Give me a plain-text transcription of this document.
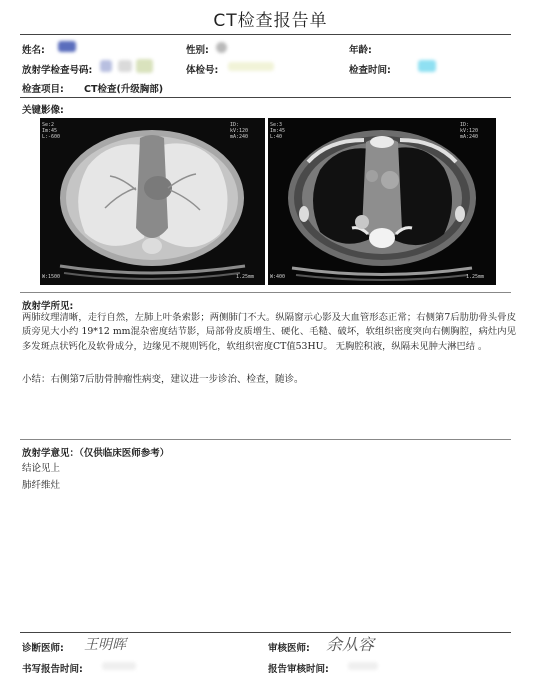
CT检查报告单
姓名:	性别:	年龄:
放射学检查号码:	体检号:	检查时间:
检查项目: CT检查(升级胸部)
关键影像:
Se:2
Im:45
L:-600
ID:
kV:120
mA:240
W:1500	1.25mm
Se:3
Im:45
L:40
ID:
kV:120
mA:240
W:400	1.25mm
放射学所见:
两肺纹理清晰，走行自然，左肺上叶条索影；两侧肺门不大。纵隔窗示心影及大血管形态正常；右侧第7后肋肋骨头骨皮质旁见大小约 19*12 mm混杂密度结节影，局部骨皮质增生、硬化、毛糙、破坏，软组织密度突向右侧胸腔，病灶内见多发斑点状钙化及软骨成分，边缘见不规则钙化，软组织密度CT值53HU。 无胸腔积液，纵隔未见肿大淋巴结 。
小结：右侧第7后肋骨肿瘤性病变，建议进一步诊治、检查，随诊。
放射学意见：（仅供临床医师参考）
结论见上
肺纤维灶
诊断医师: 王明晖	审核医师: 余从容
书写报告时间:	报告审核时间:
